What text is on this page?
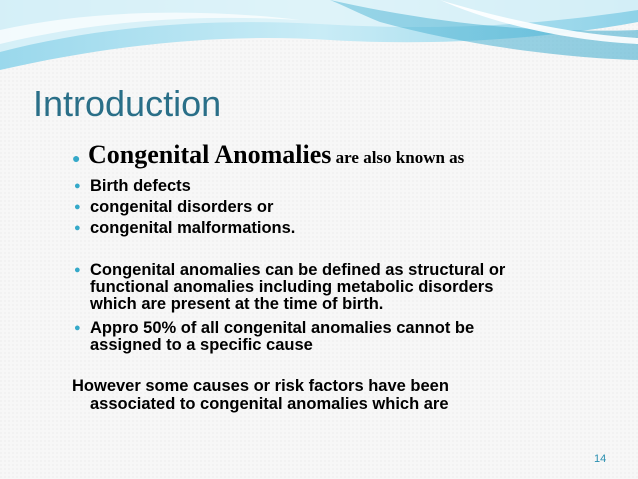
Introduction
● Congenital Anomalies are also known as
● Birth defects
● congenital disorders or
● congenital malformations.
● Congenital anomalies can be defined as structural or
functional anomalies including metabolic disorders
which are present at the time of birth.
● Appro 50% of all congenital anomalies cannot be
assigned to a specific cause
However some causes or risk factors have been
associated to congenital anomalies which are
14
